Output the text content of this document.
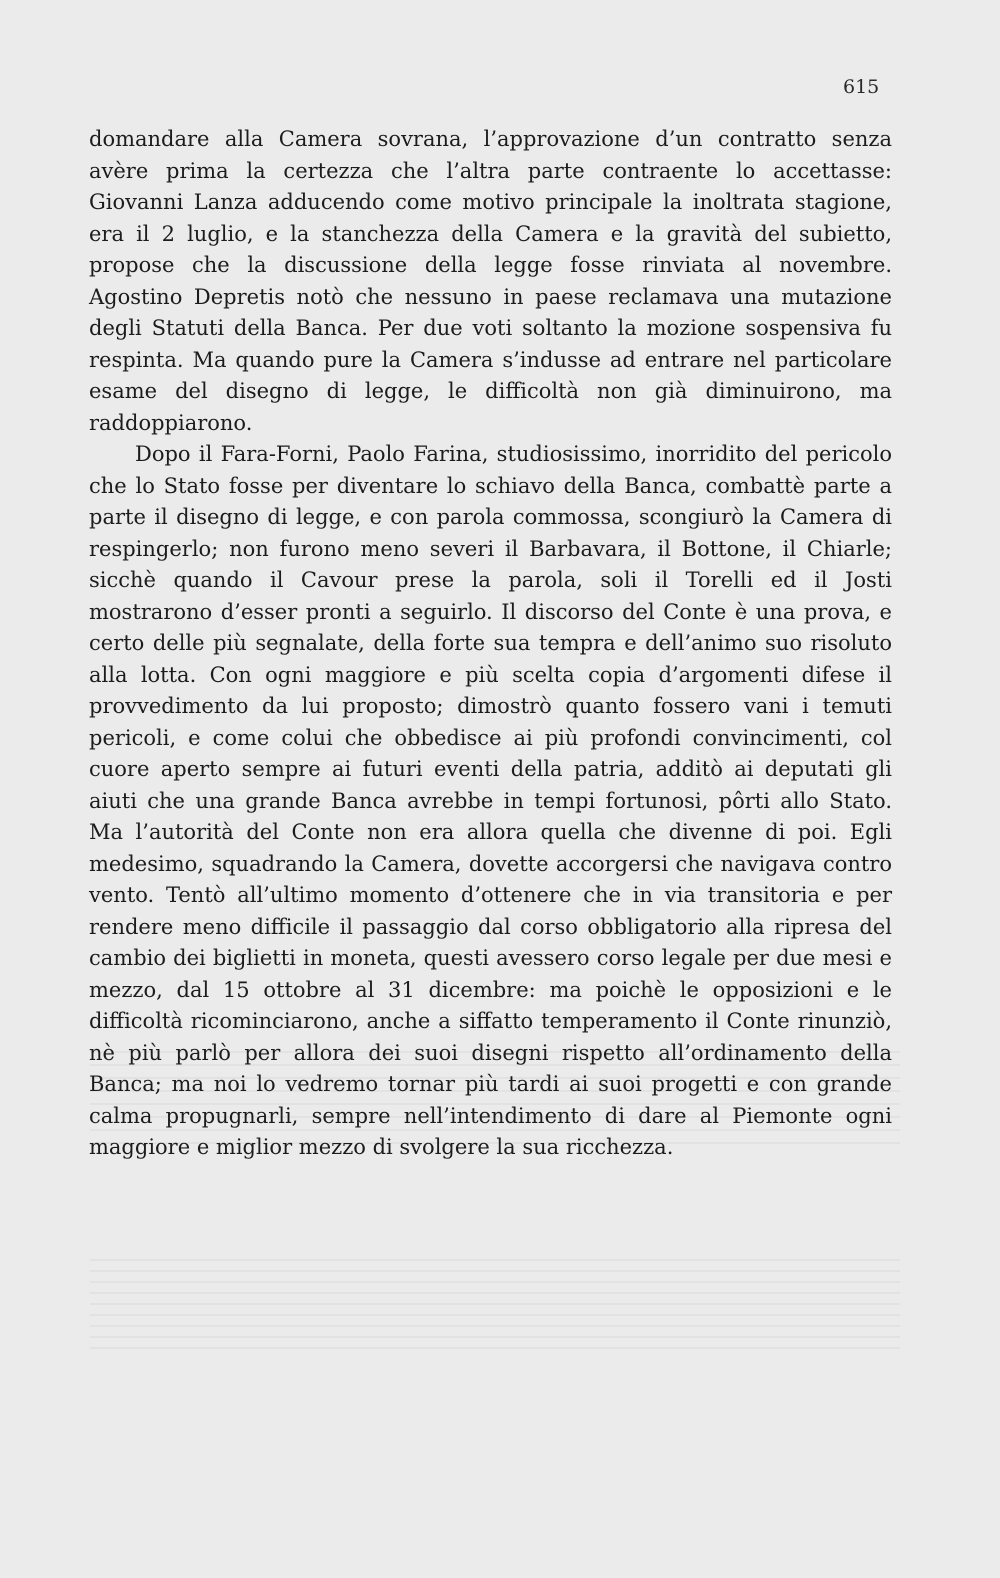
615

domandare alla Camera sovrana, l’approvazione d’un contratto senza avère prima la certezza che l’altra parte contraente lo accettasse: Giovanni Lanza adducendo come motivo principale la inoltrata stagione, era il 2 luglio, e la stanchezza della Camera e la gravità del subietto, propose che la discussione della legge fosse rinviata al novembre. Agostino Depretis notò che nessuno in paese reclamava una mutazione degli Statuti della Banca. Per due voti soltanto la mozione sospensiva fu respinta. Ma quando pure la Camera s’indusse ad entrare nel particolare esame del disegno di legge, le difficoltà non già diminuirono, ma raddoppiarono.

Dopo il Fara-Forni, Paolo Farina, studiosissimo, inorridito del pericolo che lo Stato fosse per diventare lo schiavo della Banca, combattè parte a parte il disegno di legge, e con parola commossa, scongiurò la Camera di respingerlo; non furono meno severi il Barbavara, il Bottone, il Chiarle; sicchè quando il Cavour prese la parola, soli il Torelli ed il Josti mostrarono d’esser pronti a seguirlo. Il discorso del Conte è una prova, e certo delle più segnalate, della forte sua tempra e dell’animo suo risoluto alla lotta. Con ogni maggiore e più scelta copia d’argomenti difese il provvedimento da lui proposto; dimostrò quanto fossero vani i temuti pericoli, e come colui che obbedisce ai più profondi convincimenti, col cuore aperto sempre ai futuri eventi della patria, additò ai deputati gli aiuti che una grande Banca avrebbe in tempi fortunosi, pôrti allo Stato. Ma l’autorità del Conte non era allora quella che divenne di poi. Egli medesimo, squadrando la Camera, dovette accorgersi che navigava contro vento. Tentò all’ultimo momento d’ottenere che in via transitoria e per rendere meno difficile il passaggio dal corso obbligatorio alla ripresa del cambio dei biglietti in moneta, questi avessero corso legale per due mesi e mezzo, dal 15 ottobre al 31 dicembre: ma poichè le opposizioni e le difficoltà ricominciarono, anche a siffatto temperamento il Conte rinunziò, nè più parlò per allora dei suoi disegni rispetto all’ordinamento della Banca; ma noi lo vedremo tornar più tardi ai suoi progetti e con grande calma propugnarli, sempre nell’intendimento di dare al Piemonte ogni maggiore e miglior mezzo di svolgere la sua ricchezza.
